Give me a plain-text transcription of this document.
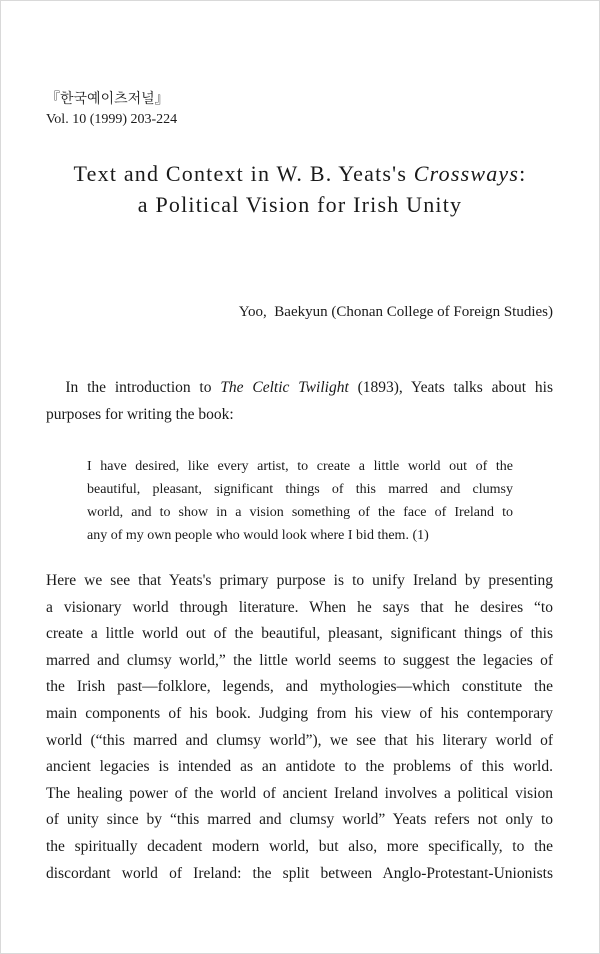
『한국예이츠저널』
Vol. 10 (1999) 203-224
Text and Context in W. B. Yeats's Crossways:
a Political Vision for Irish Unity
Yoo,  Baekyun (Chonan College of Foreign Studies)
  In the introduction to The Celtic Twilight (1893), Yeats talks about his
purposes for writing the book:
I have desired, like every artist, to create a little world out of the
beautiful, pleasant, significant things of this marred and clumsy
world, and to show in a vision something of the face of Ireland to
any of my own people who would look where I bid them. (1)
Here we see that Yeats's primary purpose is to unify Ireland by presenting
a visionary world through literature. When he says that he desires “to
create a little world out of the beautiful, pleasant, significant things of this
marred and clumsy world,” the little world seems to suggest the legacies of
the Irish past—folklore, legends, and mythologies—which constitute the
main components of his book. Judging from his view of his contemporary
world (“this marred and clumsy world”), we see that his literary world of
ancient legacies is intended as an antidote to the problems of this world.
The healing power of the world of ancient Ireland involves a political vision
of unity since by “this marred and clumsy world” Yeats refers not only to
the spiritually decadent modern world, but also, more specifically, to the
discordant world of Ireland: the split between Anglo-Protestant-Unionists
